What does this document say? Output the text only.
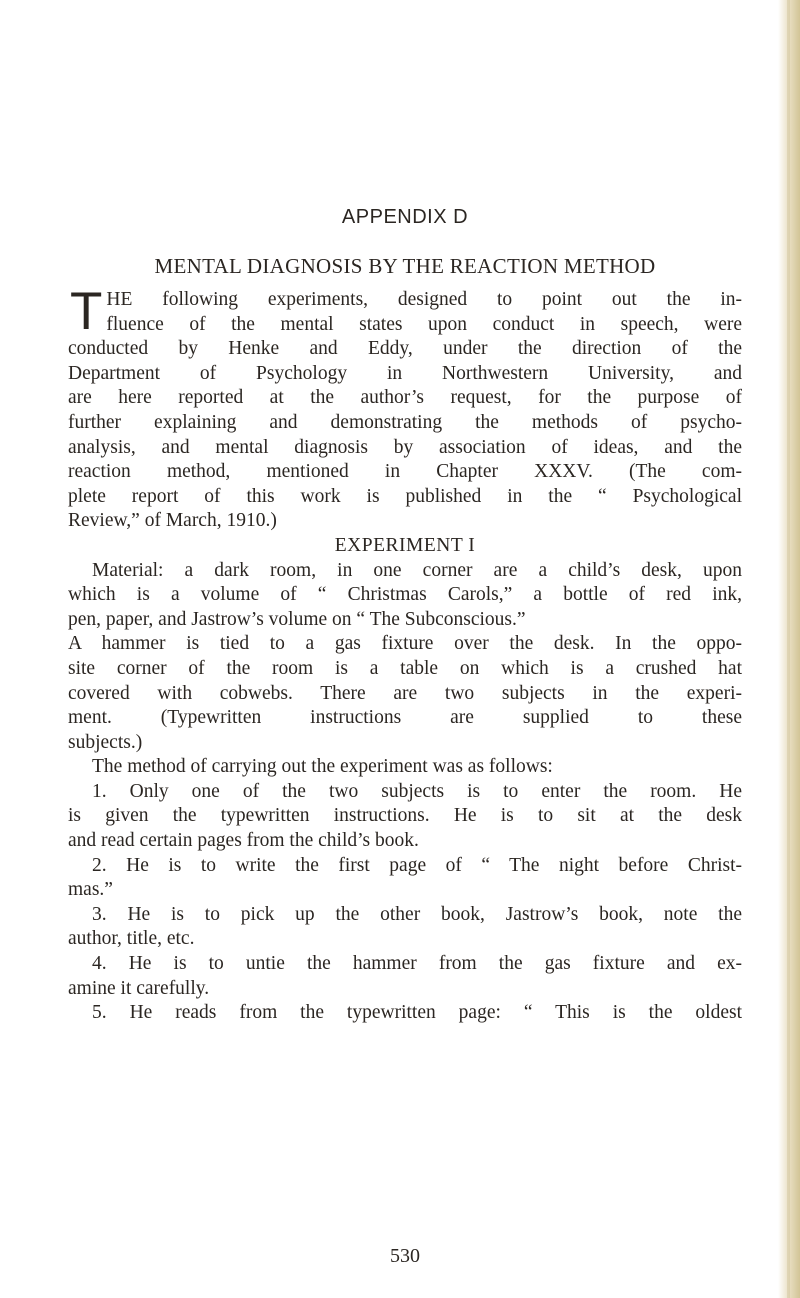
APPENDIX D
MENTAL DIAGNOSIS BY THE REACTION METHOD
T HE following experiments, designed to point out the in-
fluence of the mental states upon conduct in speech, were
conducted by Henke and Eddy, under the direction of the
Department of Psychology in Northwestern University, and
are here reported at the author’s request, for the purpose of
further explaining and demonstrating the methods of psycho-
analysis, and mental diagnosis by association of ideas, and the
reaction method, mentioned in Chapter XXXV. (The com-
plete report of this work is published in the “ Psychological
Review,” of March, 1910.)
EXPERIMENT I
Material: a dark room, in one corner are a child’s desk, upon
which is a volume of “ Christmas Carols,” a bottle of red ink,
pen, paper, and Jastrow’s volume on “ The Subconscious.”
A hammer is tied to a gas fixture over the desk. In the oppo-
site corner of the room is a table on which is a crushed hat
covered with cobwebs. There are two subjects in the experi-
ment. (Typewritten instructions are supplied to these
subjects.)
The method of carrying out the experiment was as follows:
1. Only one of the two subjects is to enter the room. He
is given the typewritten instructions. He is to sit at the desk
and read certain pages from the child’s book.
2. He is to write the first page of “ The night before Christ-
mas.”
3. He is to pick up the other book, Jastrow’s book, note the
author, title, etc.
4. He is to untie the hammer from the gas fixture and ex-
amine it carefully.
5. He reads from the typewritten page: “ This is the oldest
530
